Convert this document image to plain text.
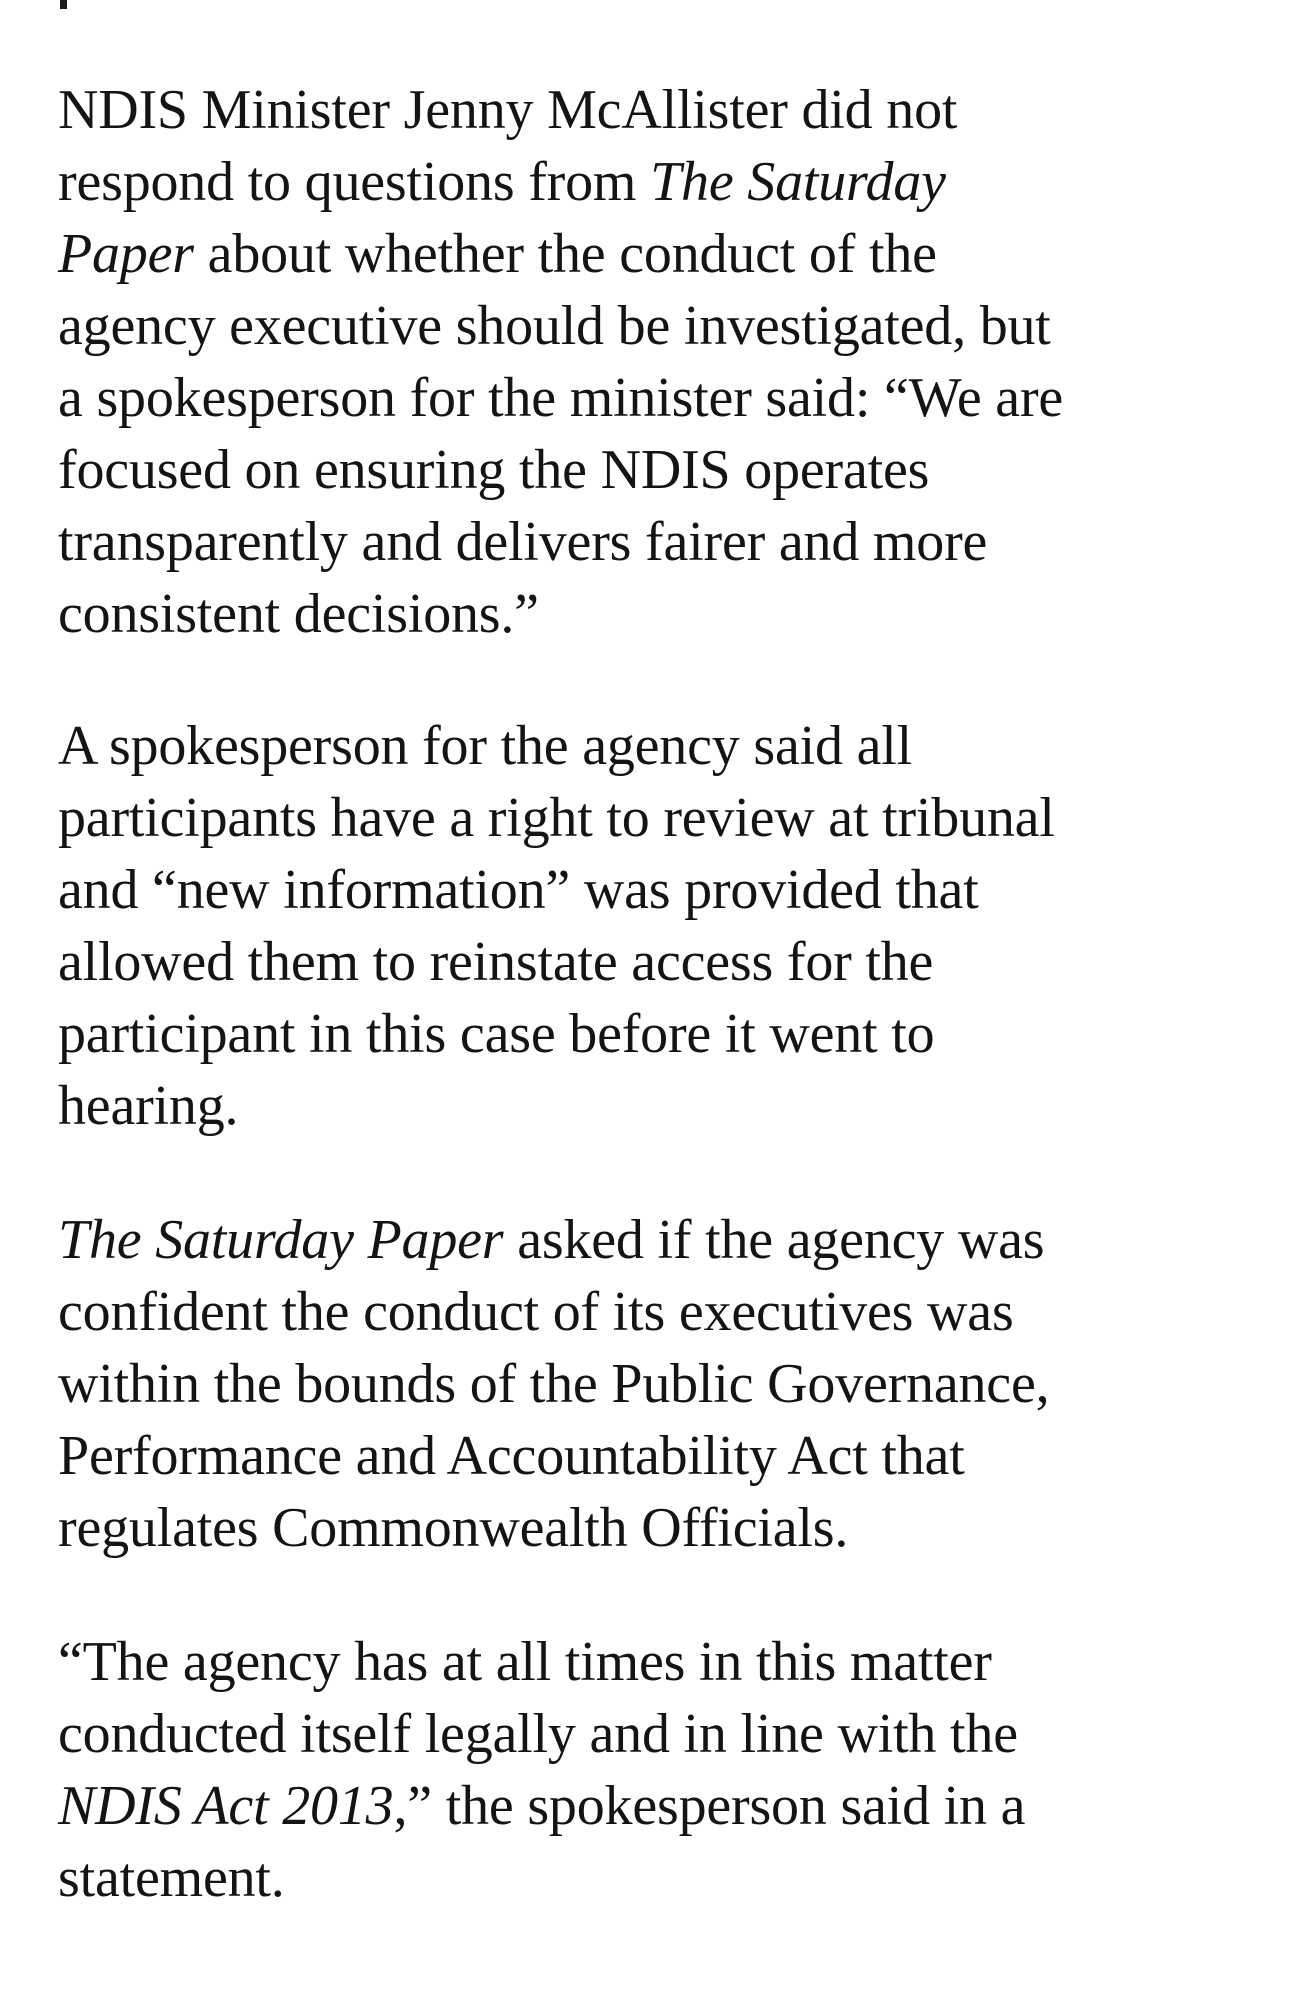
NDIS Minister Jenny McAllister did not
respond to questions from The Saturday
Paper about whether the conduct of the
agency executive should be investigated, but
a spokesperson for the minister said: “We are
focused on ensuring the NDIS operates
transparently and delivers fairer and more
consistent decisions.”

A spokesperson for the agency said all
participants have a right to review at tribunal
and “new information” was provided that
allowed them to reinstate access for the
participant in this case before it went to
hearing.

The Saturday Paper asked if the agency was
confident the conduct of its executives was
within the bounds of the Public Governance,
Performance and Accountability Act that
regulates Commonwealth Officials.

“The agency has at all times in this matter
conducted itself legally and in line with the
NDIS Act 2013,” the spokesperson said in a
statement.
